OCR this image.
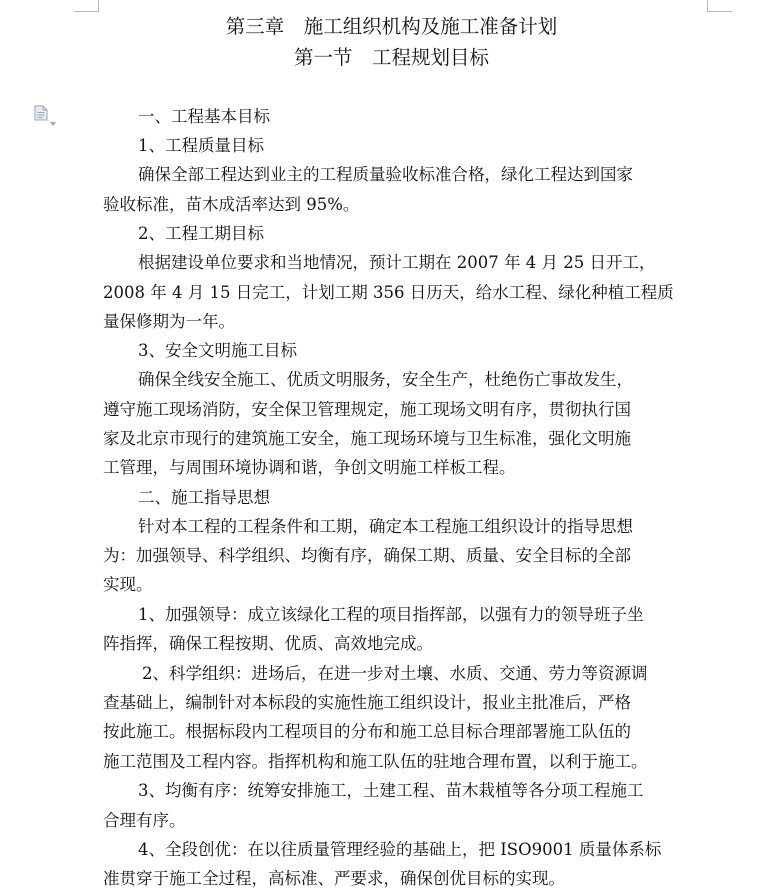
第三章　施工组织机构及施工准备计划
第一节　工程规划目标
一、工程基本目标
1、工程质量目标
确保全部工程达到业主的工程质量验收标准合格，绿化工程达到国家
验收标准，苗木成活率达到 95%。
2、工程工期目标
根据建设单位要求和当地情况，预计工期在 2007 年 4 月 25 日开工，
2008 年 4 月 15 日完工，计划工期 356 日历天，给水工程、绿化种植工程质
量保修期为一年。
3、安全文明施工目标
确保全线安全施工、优质文明服务，安全生产，杜绝伤亡事故发生，
遵守施工现场消防，安全保卫管理规定，施工现场文明有序，贯彻执行国
家及北京市现行的建筑施工安全，施工现场环境与卫生标准，强化文明施
工管理，与周围环境协调和谐，争创文明施工样板工程。
二、施工指导思想
针对本工程的工程条件和工期，确定本工程施工组织设计的指导思想
为：加强领导、科学组织、均衡有序，确保工期、质量、安全目标的全部
实现。
1、加强领导：成立该绿化工程的项目指挥部，以强有力的领导班子坐
阵指挥，确保工程按期、优质、高效地完成。
2、科学组织：进场后，在进一步对土壤、水质、交通、劳力等资源调
查基础上，编制针对本标段的实施性施工组织设计，报业主批准后，严格
按此施工。根据标段内工程项目的分布和施工总目标合理部署施工队伍的
施工范围及工程内容。指挥机构和施工队伍的驻地合理布置，以利于施工。
3、均衡有序：统筹安排施工，土建工程、苗木栽植等各分项工程施工
合理有序。
4、全段创优：在以往质量管理经验的基础上，把 ISO9001 质量体系标
准贯穿于施工全过程，高标准、严要求，确保创优目标的实现。
